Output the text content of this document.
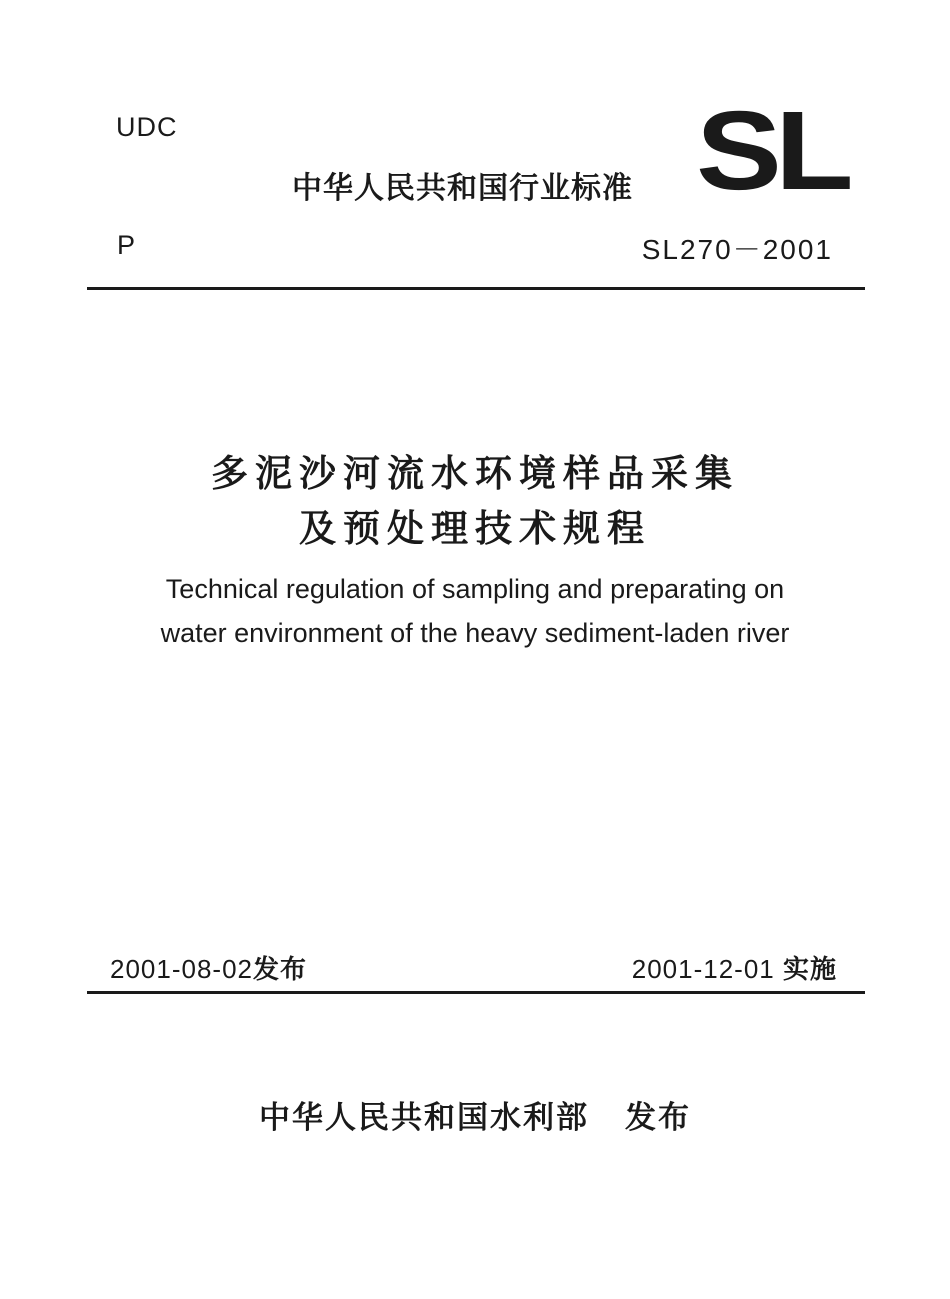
UDC
中华人民共和国行业标准 SL
P	SL270－2001
多泥沙河流水环境样品采集
及预处理技术规程
Technical regulation of sampling and preparating on
water environment of the heavy sediment-laden river
2001-08-02发布	2001-12-01 实施
中华人民共和国水利部 发布
